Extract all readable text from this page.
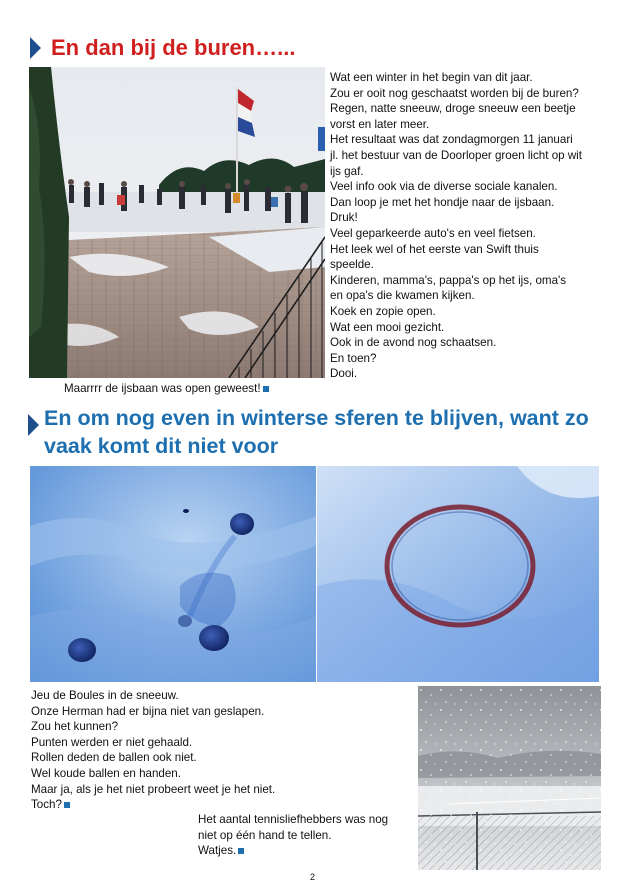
En dan bij de buren…...
Wat een winter in het begin van dit jaar.
Zou er ooit nog geschaatst worden bij de buren?
Regen, natte sneeuw, droge sneeuw een beetje
vorst en later meer.
Het resultaat was dat zondagmorgen 11 januari
jl. het bestuur van de Doorloper groen licht op wit
ijs gaf.
Veel info ook via de diverse sociale kanalen.
Dan loop je met het hondje naar de ijsbaan.
Druk!
Veel geparkeerde auto's en veel fietsen.
Het leek wel of het eerste van Swift thuis
speelde.
Kinderen, mamma's, pappa's op het ijs, oma's
en opa's die kwamen kijken.
Koek en zopie open.
Wat een mooi gezicht.
Ook in de avond nog schaatsen.
En toen?
Dooi.
Maarrrr de ijsbaan was open geweest!
En om nog even in winterse sferen te blijven, want zo vaak komt dit niet voor
Jeu de Boules in de sneeuw.
Onze Herman had er bijna niet van geslapen.
Zou het kunnen?
Punten werden er niet gehaald.
Rollen deden de ballen ook niet.
Wel koude ballen en handen.
Maar ja, als je het niet probeert weet je het niet.
Toch?
Het aantal tennisliefhebbers was nog
niet op één hand te tellen.
Watjes.
2
